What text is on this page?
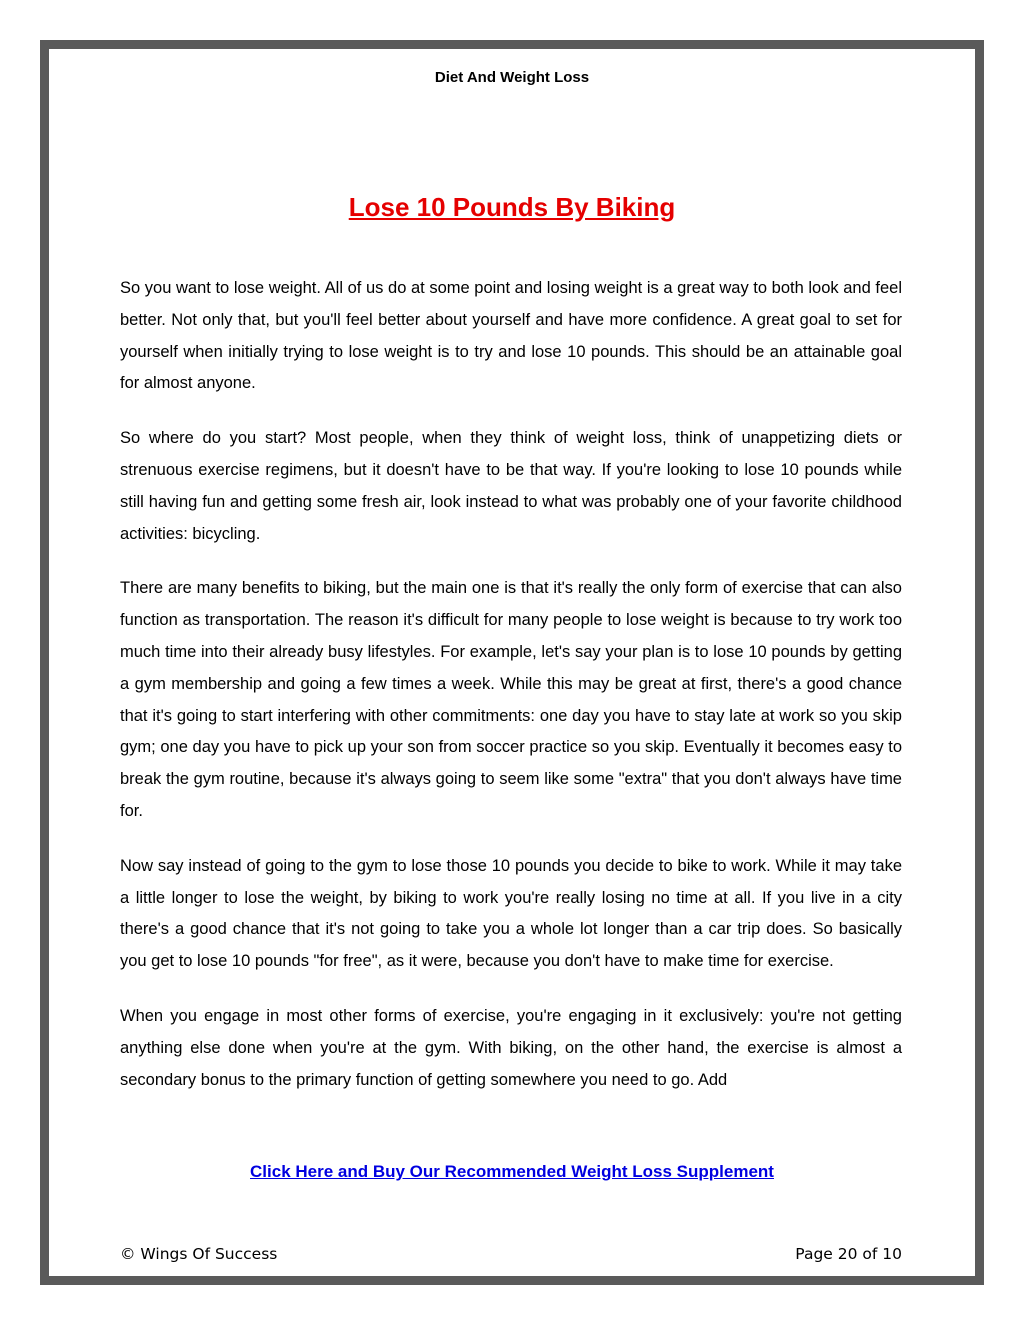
Diet And Weight Loss
Lose 10 Pounds By Biking

So you want to lose weight. All of us do at some point and losing weight is a great way to both look and feel better. Not only that, but you'll feel better about yourself and have more confidence. A great goal to set for yourself when initially trying to lose weight is to try and lose 10 pounds. This should be an attainable goal for almost anyone.

So where do you start? Most people, when they think of weight loss, think of unappetizing diets or strenuous exercise regimens, but it doesn't have to be that way. If you're looking to lose 10 pounds while still having fun and getting some fresh air, look instead to what was probably one of your favorite childhood activities: bicycling.

There are many benefits to biking, but the main one is that it's really the only form of exercise that can also function as transportation. The reason it's difficult for many people to lose weight is because to try work too much time into their already busy lifestyles. For example, let's say your plan is to lose 10 pounds by getting a gym membership and going a few times a week. While this may be great at first, there's a good chance that it's going to start interfering with other commitments: one day you have to stay late at work so you skip gym; one day you have to pick up your son from soccer practice so you skip. Eventually it becomes easy to break the gym routine, because it's always going to seem like some "extra" that you don't always have time for.

Now say instead of going to the gym to lose those 10 pounds you decide to bike to work. While it may take a little longer to lose the weight, by biking to work you're really losing no time at all. If you live in a city there's a good chance that it's not going to take you a whole lot longer than a car trip does. So basically you get to lose 10 pounds "for free", as it were, because you don't have to make time for exercise.

When you engage in most other forms of exercise, you're engaging in it exclusively: you're not getting anything else done when you're at the gym. With biking, on the other hand, the exercise is almost a secondary bonus to the primary function of getting somewhere you need to go. Add

Click Here and Buy Our Recommended Weight Loss Supplement
© Wings Of Success	Page 20 of 10
